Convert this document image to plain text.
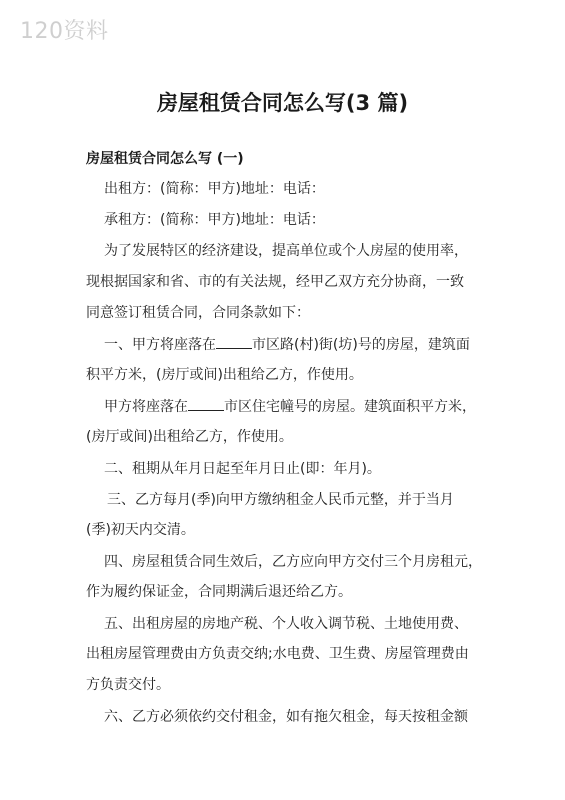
120资料
房屋租赁合同怎么写(3 篇)
房屋租赁合同怎么写 (一)
出租方：(简称：甲方)地址：电话：
承租方：(简称：甲方)地址：电话：
为了发展特区的经济建设，提高单位或个人房屋的使用率，
现根据国家和省、市的有关法规，经甲乙双方充分协商，一致
同意签订租赁合同，合同条款如下：
一、甲方将座落在	市区路(村)街(坊)号的房屋，建筑面
积平方米，(房厅或间)出租给乙方，作使用。
甲方将座落在	市区住宅幢号的房屋。建筑面积平方米，
(房厅或间)出租给乙方，作使用。
二、租期从年月日起至年月日止(即：年月)。
三、乙方每月(季)向甲方缴纳租金人民币元整，并于当月
(季)初天内交清。
四、房屋租赁合同生效后，乙方应向甲方交付三个月房租元，
作为履约保证金，合同期满后退还给乙方。
五、出租房屋的房地产税、个人收入调节税、土地使用费、
出租房屋管理费由方负责交纳;水电费、卫生费、房屋管理费由
方负责交付。
六、乙方必须依约交付租金，如有拖欠租金，每天按租金额
